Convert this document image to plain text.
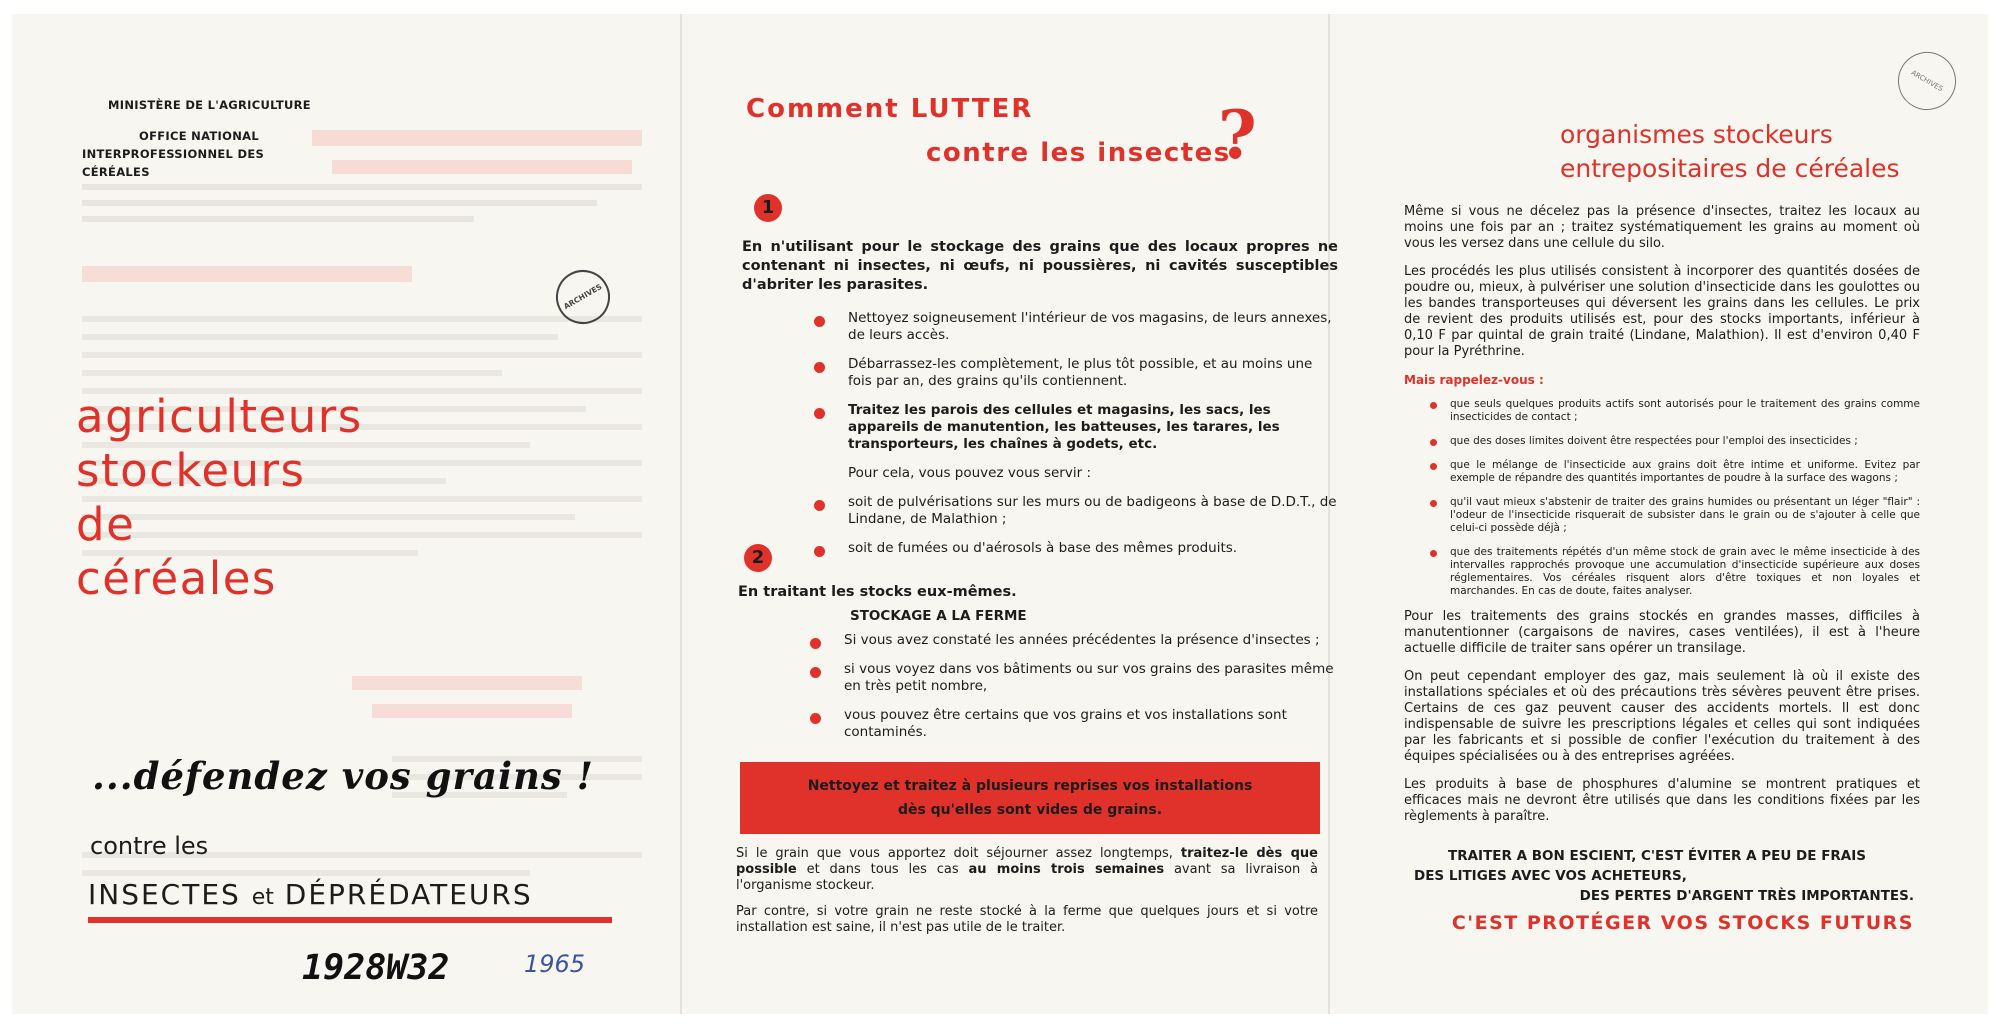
MINISTÈRE DE L'AGRICULTURE
OFFICE NATIONAL
INTERPROFESSIONNEL DES CÉRÉALES
ARCHIVES
agriculteurs
stockeurs
de
céréales
...défendez vos grains !
contre les
INSECTES et DÉPRÉDATEURS
1928W32	1965
Comment LUTTER
contre les insectes
?
1
En n'utilisant pour le stockage des grains que des locaux propres ne contenant ni insectes, ni œufs, ni poussières, ni cavités susceptibles d'abriter les parasites.
Nettoyez soigneusement l'intérieur de vos magasins, de leurs annexes, de leurs accès.
Débarrassez-les complètement, le plus tôt possible, et au moins une fois par an, des grains qu'ils contiennent.
Traitez les parois des cellules et magasins, les sacs, les appareils de manutention, les batteuses, les tarares, les transporteurs, les chaînes à godets, etc.
Pour cela, vous pouvez vous servir :
soit de pulvérisations sur les murs ou de badigeons à base de D.D.T., de Lindane, de Malathion ;
soit de fumées ou d'aérosols à base des mêmes produits.
2
En traitant les stocks eux-mêmes.
STOCKAGE A LA FERME
Si vous avez constaté les années précédentes la présence d'insectes ;
si vous voyez dans vos bâtiments ou sur vos grains des parasites même en très petit nombre,
vous pouvez être certains que vos grains et vos installations sont contaminés.
Nettoyez et traitez à plusieurs reprises vos installations
dès qu'elles sont vides de grains.
Si le grain que vous apportez doit séjourner assez longtemps, traitez-le dès que possible et dans tous les cas au moins trois semaines avant sa livraison à l'organisme stockeur.
Par contre, si votre grain ne reste stocké à la ferme que quelques jours et si votre installation est saine, il n'est pas utile de le traiter.
ARCHIVES
organismes stockeurs
entrepositaires de céréales

Même si vous ne décelez pas la présence d'insectes, traitez les locaux au moins une fois par an ; traitez systématiquement les grains au moment où vous les versez dans une cellule du silo.

Les procédés les plus utilisés consistent à incorporer des quantités dosées de poudre ou, mieux, à pulvériser une solution d'insecticide dans les goulottes ou les bandes transporteuses qui déversent les grains dans les cellules. Le prix de revient des produits utilisés est, pour des stocks importants, inférieur à 0,10 F par quintal de grain traité (Lindane, Malathion). Il est d'environ 0,40 F pour la Pyréthrine.

Mais rappelez-vous :

que seuls quelques produits actifs sont autorisés pour le traitement des grains comme insecticides de contact ;
que des doses limites doivent être respectées pour l'emploi des insecticides ;
que le mélange de l'insecticide aux grains doit être intime et uniforme. Evitez par exemple de répandre des quantités importantes de poudre à la surface des wagons ;
qu'il vaut mieux s'abstenir de traiter des grains humides ou présentant un léger "flair" : l'odeur de l'insecticide risquerait de subsister dans le grain ou de s'ajouter à celle que celui-ci possède déjà ;
que des traitements répétés d'un même stock de grain avec le même insecticide à des intervalles rapprochés provoque une accumulation d'insecticide supérieure aux doses réglementaires. Vos céréales risquent alors d'être toxiques et non loyales et marchandes. En cas de doute, faites analyser.

Pour les traitements des grains stockés en grandes masses, difficiles à manutentionner (cargaisons de navires, cases ventilées), il est à l'heure actuelle difficile de traiter sans opérer un transilage.

On peut cependant employer des gaz, mais seulement là où il existe des installations spéciales et où des précautions très sévères peuvent être prises. Certains de ces gaz peuvent causer des accidents mortels. Il est donc indispensable de suivre les prescriptions légales et celles qui sont indiquées par les fabricants et si possible de confier l'exécution du traitement à des équipes spécialisées ou à des entreprises agréées.

Les produits à base de phosphures d'alumine se montrent pratiques et efficaces mais ne devront être utilisés que dans les conditions fixées par les règlements à paraître.

TRAITER A BON ESCIENT, C'EST ÉVITER A PEU DE FRAIS
DES LITIGES AVEC VOS ACHETEURS,
DES PERTES D'ARGENT TRÈS IMPORTANTES.
C'EST PROTÉGER VOS STOCKS FUTURS
